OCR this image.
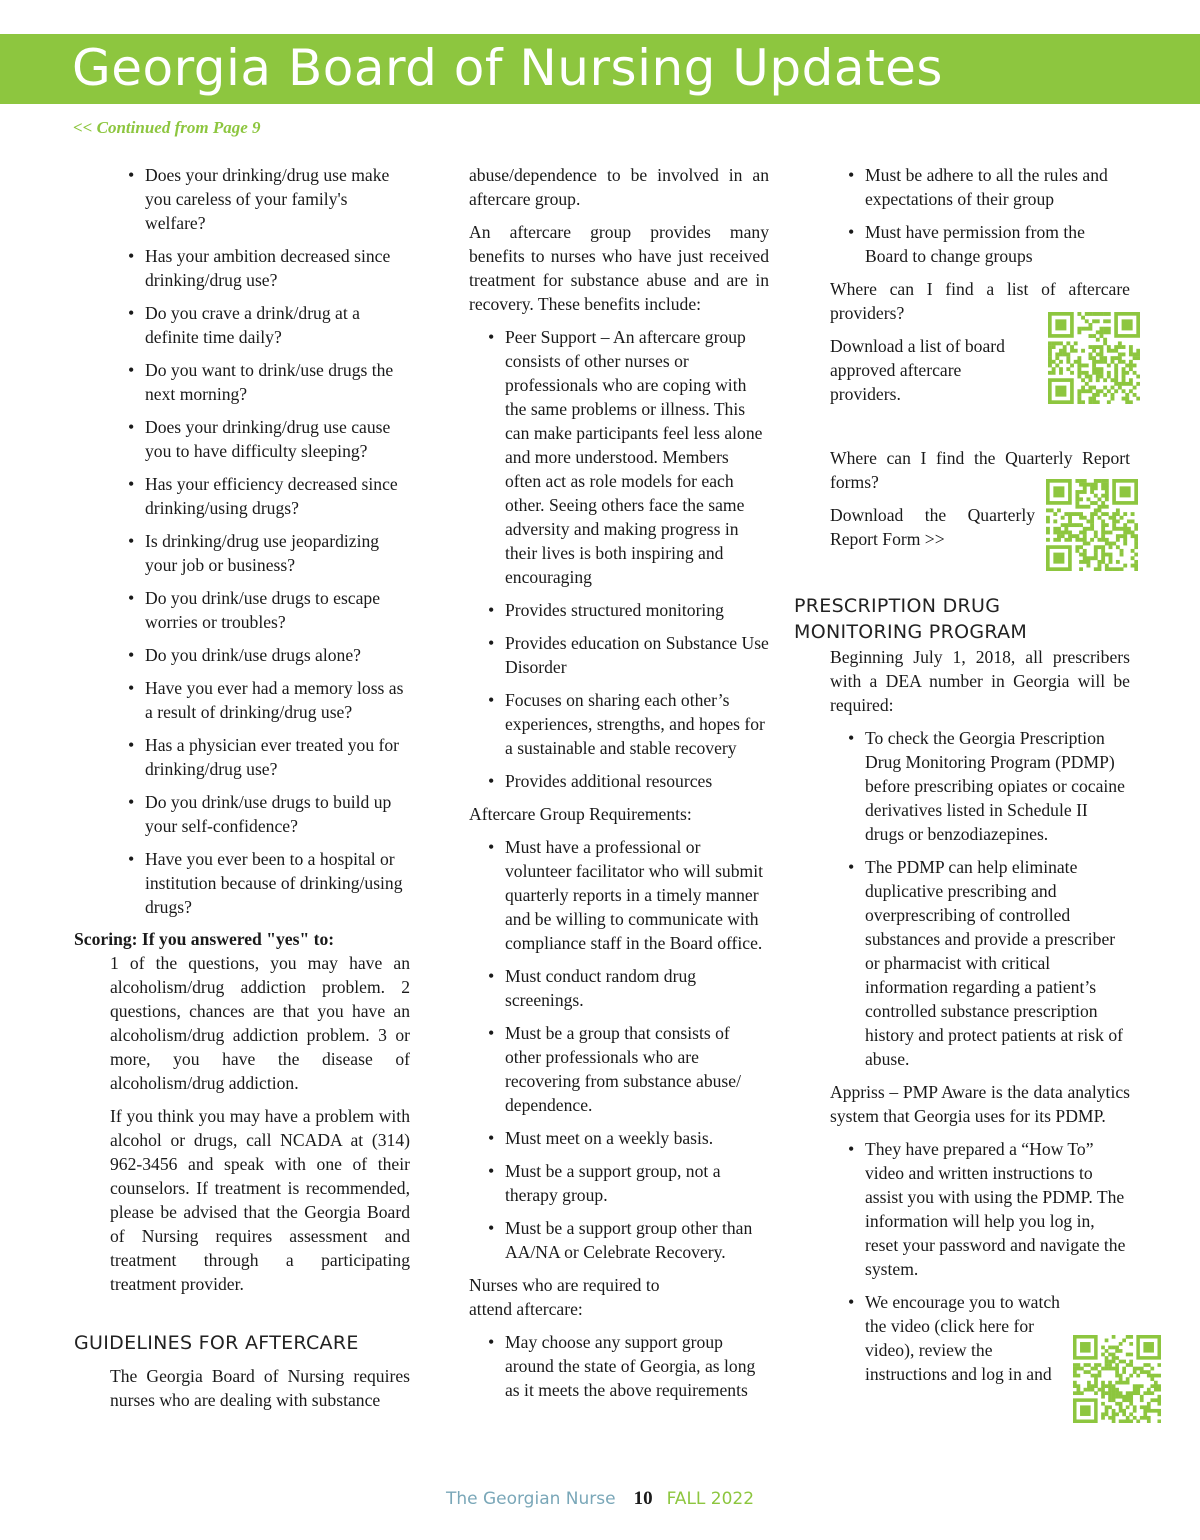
Georgia Board of Nursing Updates
<< Continued from Page 9
• Does your drinking/drug use make you careless of your family's welfare?
• Has your ambition decreased since drinking/drug use?
• Do you crave a drink/drug at a definite time daily?
• Do you want to drink/use drugs the next morning?
• Does your drinking/drug use cause you to have difficulty sleeping?
• Has your efficiency decreased since drinking/using drugs?
• Is drinking/drug use jeopardizing your job or business?
• Do you drink/use drugs to escape worries or troubles?
• Do you drink/use drugs alone?
• Have you ever had a memory loss as a result of drinking/drug use?
• Has a physician ever treated you for drinking/drug use?
• Do you drink/use drugs to build up your self-confidence?
• Have you ever been to a hospital or institution because of drinking/using drugs?
Scoring: If you answered "yes" to:
1 of the questions, you may have an alcoholism/drug addiction problem. 2 questions, chances are that you have an alcoholism/drug addiction problem. 3 or more, you have the disease of alcoholism/drug addiction.
If you think you may have a problem with alcohol or drugs, call NCADA at (314) 962-3456 and speak with one of their counselors. If treatment is recommended, please be advised that the Georgia Board of Nursing requires assessment and treatment through a participating treatment provider.
GUIDELINES FOR AFTERCARE
The Georgia Board of Nursing requires nurses who are dealing with substance
abuse/dependence to be involved in an aftercare group.
An aftercare group provides many benefits to nurses who have just received treatment for substance abuse and are in recovery. These benefits include:
• Peer Support – An aftercare group consists of other nurses or professionals who are coping with the same problems or illness. This can make participants feel less alone and more understood. Members often act as role models for each other. Seeing others face the same adversity and making progress in their lives is both inspiring and encouraging
• Provides structured monitoring
• Provides education on Substance Use Disorder
• Focuses on sharing each other’s experiences, strengths, and hopes for a sustainable and stable recovery
• Provides additional resources
Aftercare Group Requirements:
• Must have a professional or volunteer facilitator who will submit quarterly reports in a timely manner and be willing to communicate with compliance staff in the Board office.
• Must conduct random drug screenings.
• Must be a group that consists of other professionals who are recovering from substance abuse/ dependence.
• Must meet on a weekly basis.
• Must be a support group, not a therapy group.
• Must be a support group other than AA/NA or Celebrate Recovery.
Nurses who are required to attend aftercare:
• May choose any support group around the state of Georgia, as long as it meets the above requirements
• Must be adhere to all the rules and expectations of their group
• Must have permission from the Board to change groups
Where can I find a list of aftercare providers?
Download a list of board approved aftercare providers.
Where can I find the Quarterly Report forms?
Download the Quarterly Report Form >>
PRESCRIPTION DRUG
MONITORING PROGRAM
Beginning July 1, 2018, all prescribers with a DEA number in Georgia will be required:
• To check the Georgia Prescription Drug Monitoring Program (PDMP) before prescribing opiates or cocaine derivatives listed in Schedule II drugs or benzodiazepines.
• The PDMP can help eliminate duplicative prescribing and overprescribing of controlled substances and provide a prescriber or pharmacist with critical information regarding a patient’s controlled substance prescription history and protect patients at risk of abuse.
Appriss – PMP Aware is the data analytics system that Georgia uses for its PDMP.
• They have prepared a “How To” video and written instructions to assist you with using the PDMP. The information will help you log in, reset your password and navigate the system.
• We encourage you to watch the video (click here for video), review the instructions and log in and
The Georgian Nurse 10 FALL 2022
